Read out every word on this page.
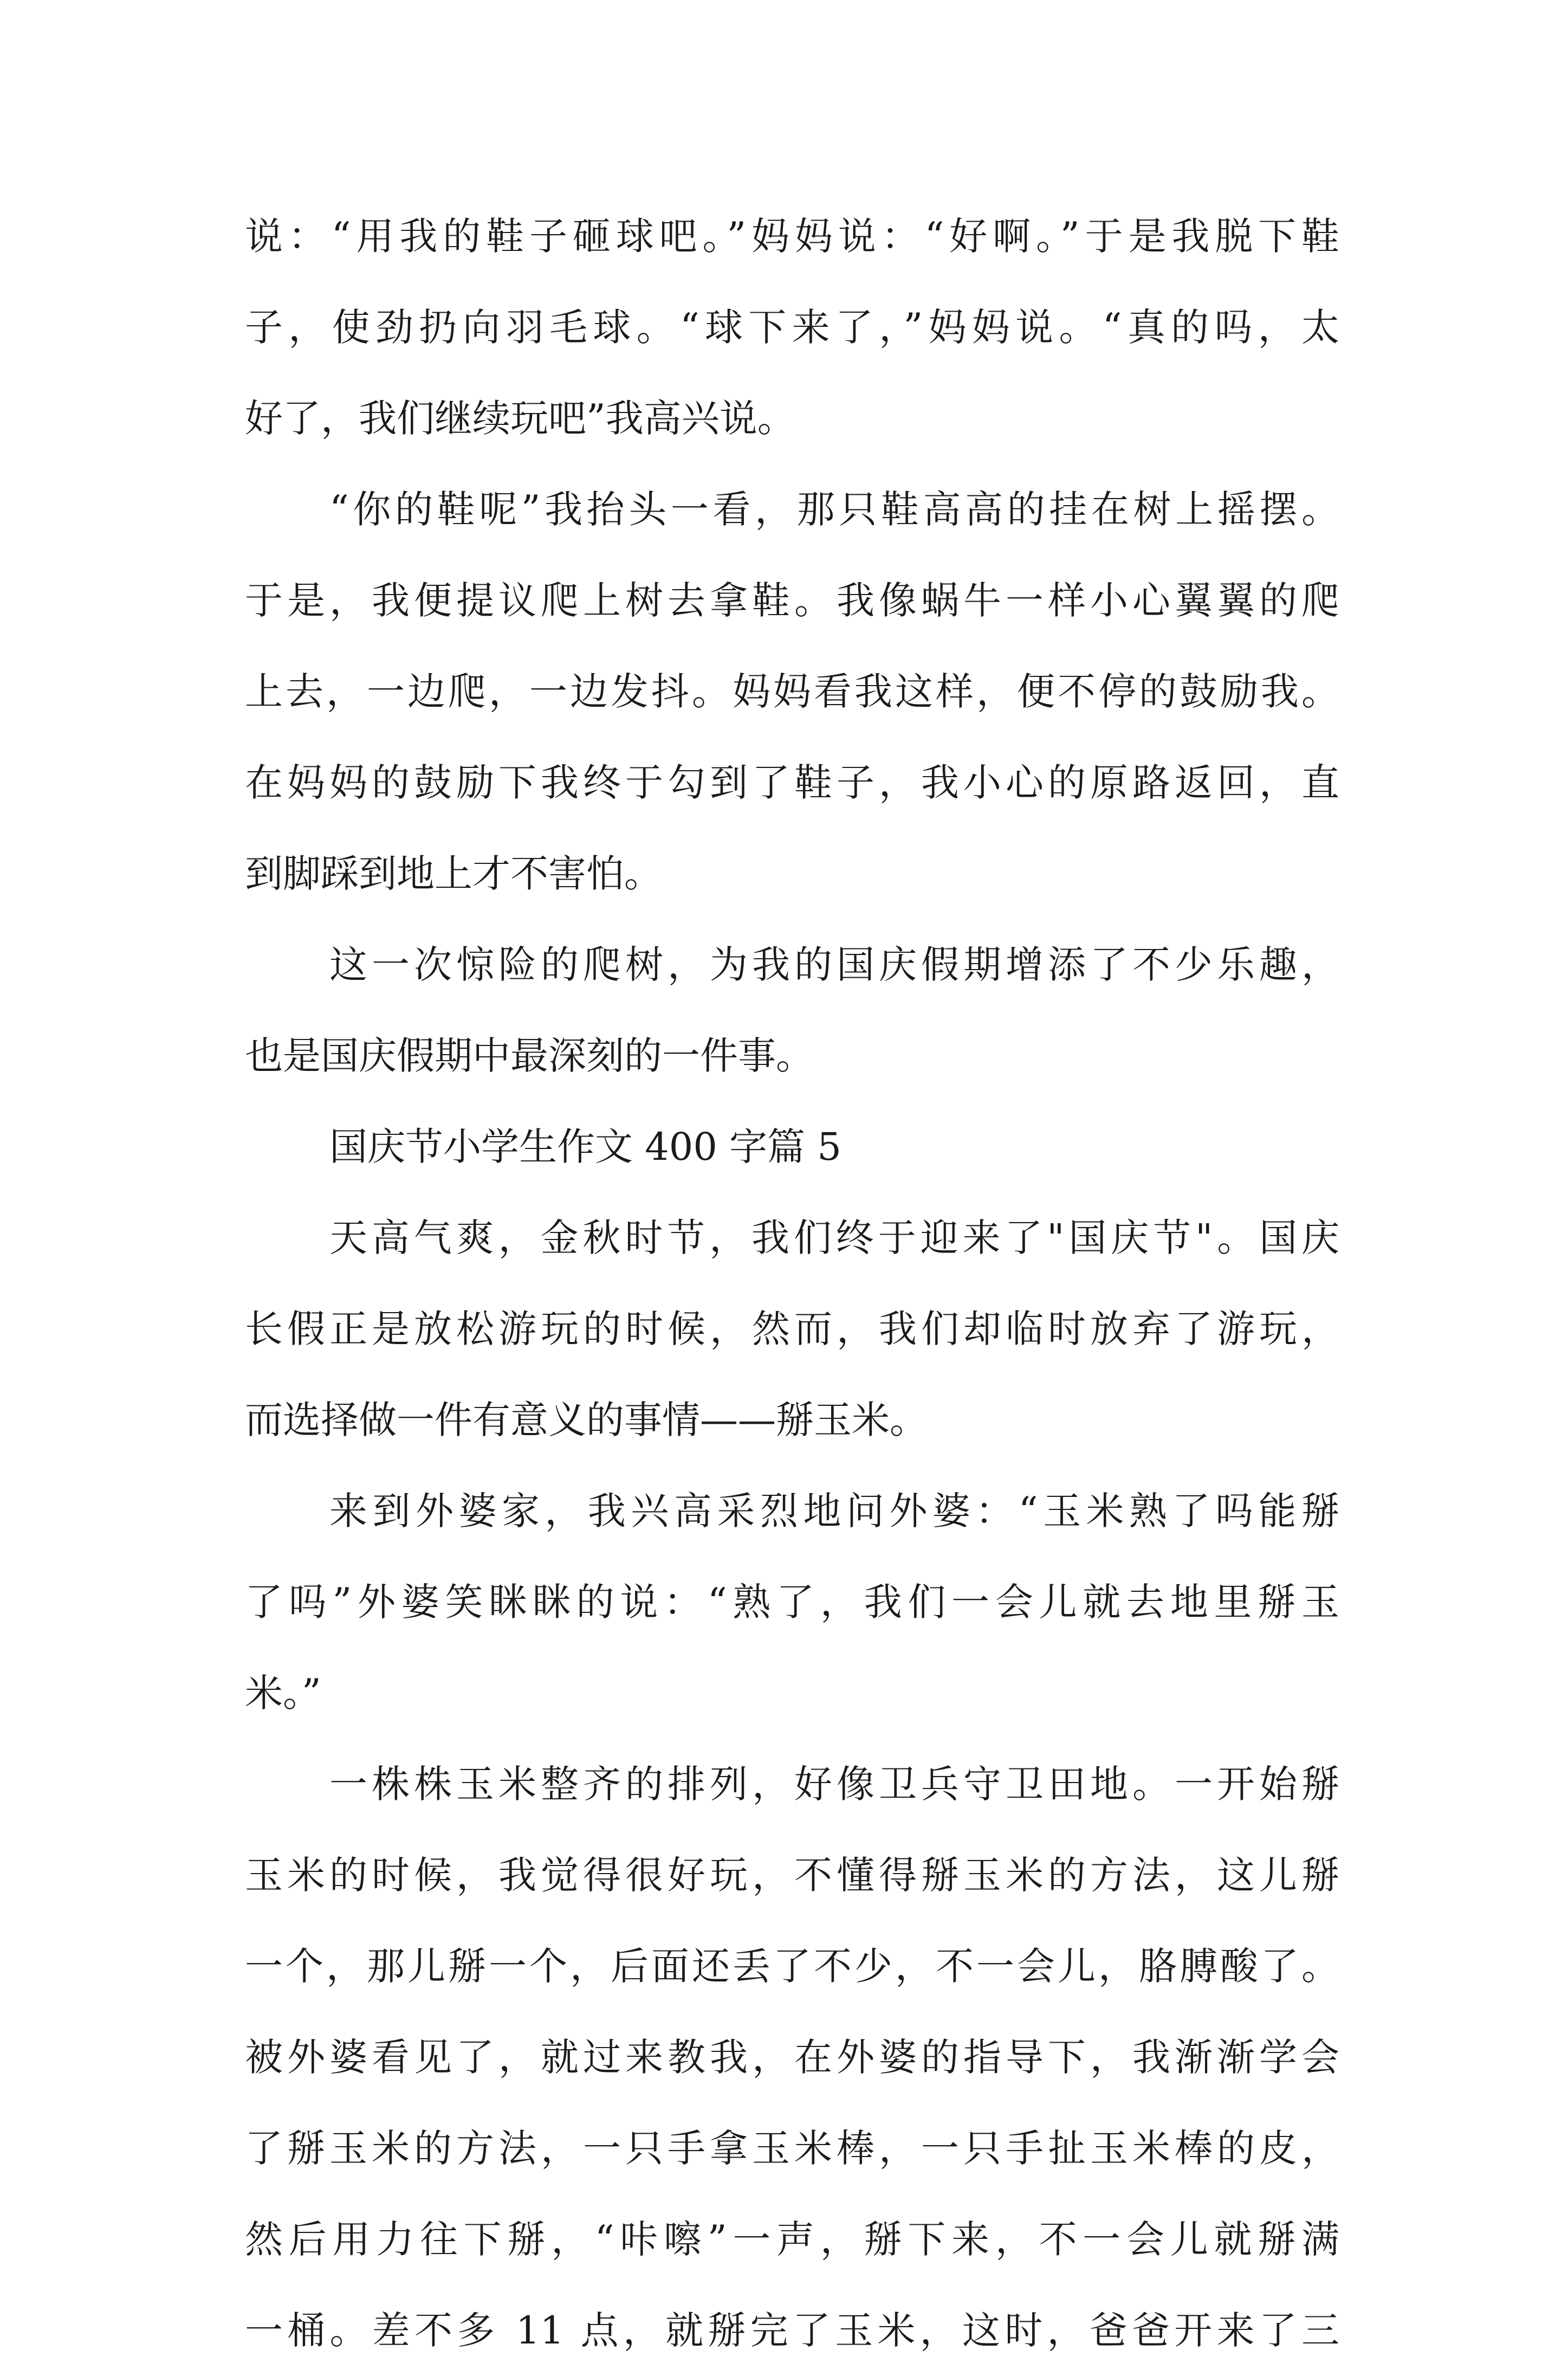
说：“用我的鞋子砸球吧。”妈妈说：“好啊。”于是我脱下鞋
子，使劲扔向羽毛球。“球下来了，”妈妈说。“真的吗，太
好了，我们继续玩吧”我高兴说。
“你的鞋呢”我抬头一看，那只鞋高高的挂在树上摇摆。
于是，我便提议爬上树去拿鞋。我像蜗牛一样小心翼翼的爬
上去，一边爬，一边发抖。妈妈看我这样，便不停的鼓励我。
在妈妈的鼓励下我终于勾到了鞋子，我小心的原路返回，直
到脚踩到地上才不害怕。
这一次惊险的爬树，为我的国庆假期增添了不少乐趣，
也是国庆假期中最深刻的一件事。
国庆节小学生作文 400 字篇 5
天高气爽，金秋时节，我们终于迎来了"国庆节"。国庆
长假正是放松游玩的时候，然而，我们却临时放弃了游玩，
而选择做一件有意义的事情——掰玉米。
来到外婆家，我兴高采烈地问外婆：“玉米熟了吗能掰
了吗”外婆笑眯眯的说：“熟了，我们一会儿就去地里掰玉
米。”
一株株玉米整齐的排列，好像卫兵守卫田地。一开始掰
玉米的时候，我觉得很好玩，不懂得掰玉米的方法，这儿掰
一个，那儿掰一个，后面还丢了不少，不一会儿，胳膊酸了。
被外婆看见了，就过来教我，在外婆的指导下，我渐渐学会
了掰玉米的方法，一只手拿玉米棒，一只手扯玉米棒的皮，
然后用力往下掰，“咔嚓”一声，掰下来，不一会儿就掰满
一桶。差不多 11 点，就掰完了玉米，这时，爸爸开来了三
